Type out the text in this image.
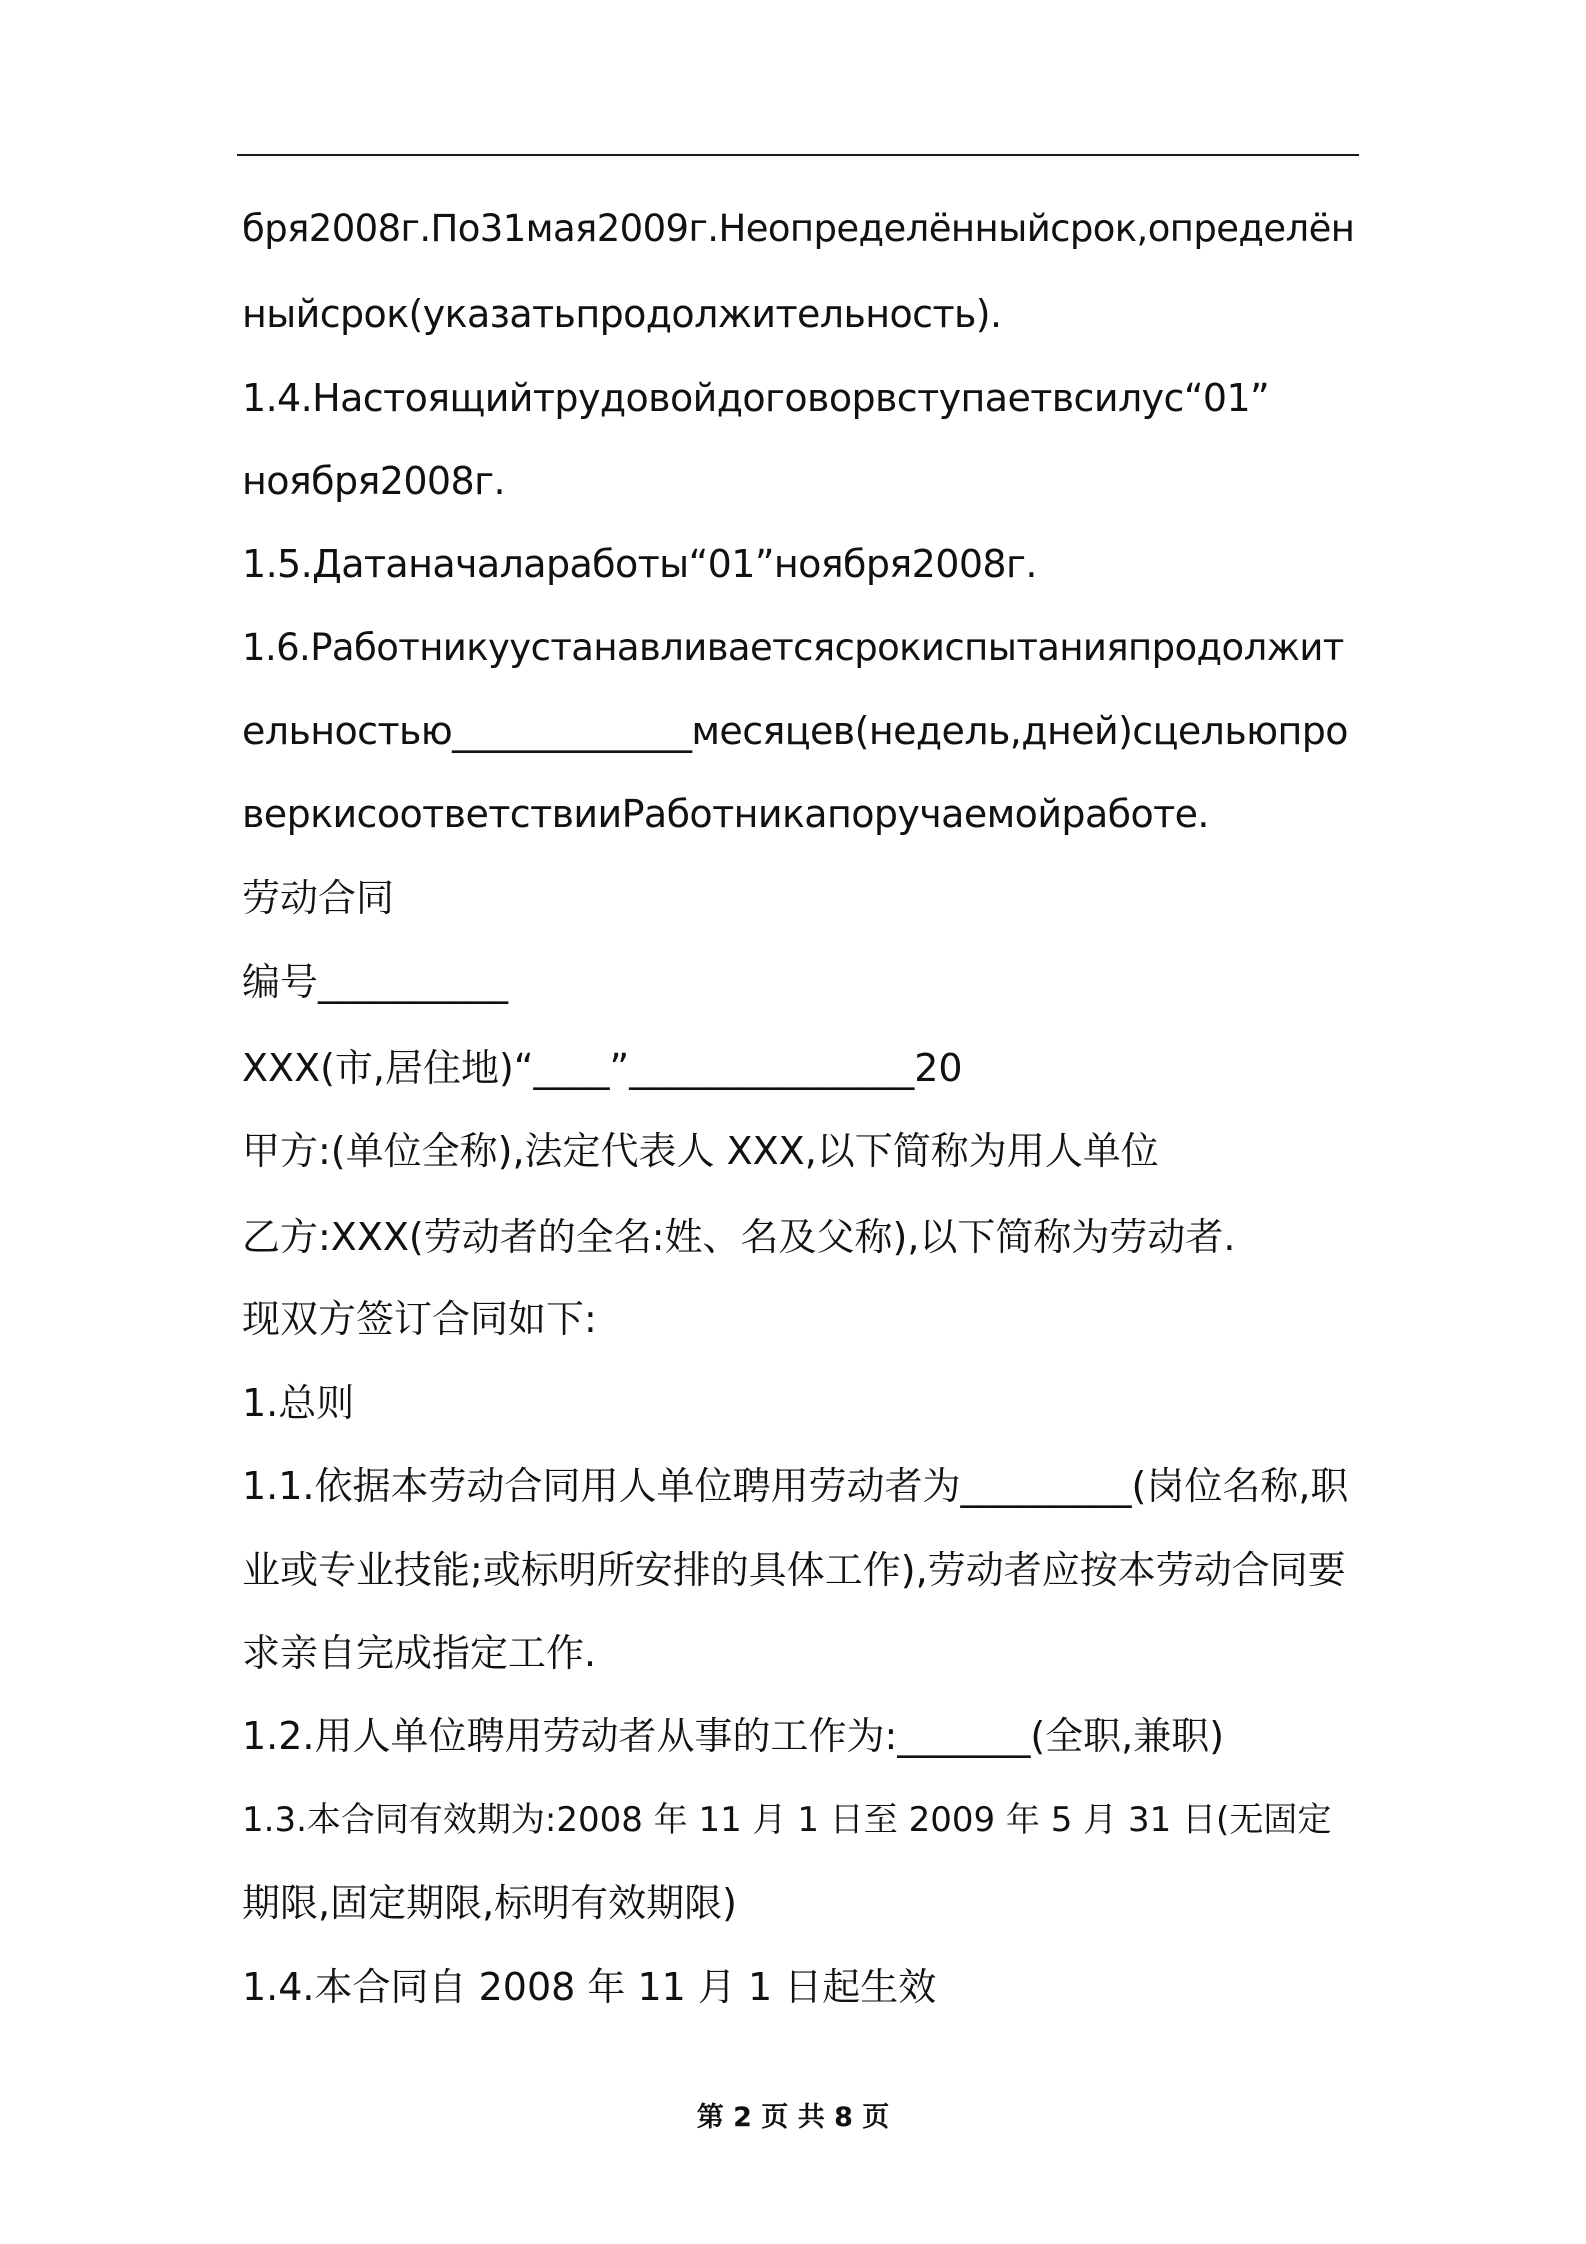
бря2008г.По31мая2009г.Неопределённыйсрок,определён
ныйсрок(указатьпродолжительность).
1.4.Настоящийтрудовойдоговорвступаетвсилус“01”
ноября2008г.
1.5.Датаначалаработы“01”ноября2008г.
1.6.Работникуустанавливаетсясрокиспытанияпродолжит
ельностью_____________месяцев(недель,дней)сцельюпро
веркисоответствииРаботникапоручаемойработе.
劳动合同
编号__________
XXX(市,居住地)“____”_______________20
甲方:(单位全称),法定代表人 XXX,以下简称为用人单位
乙方:XXX(劳动者的全名:姓、名及父称),以下简称为劳动者.
现双方签订合同如下:
1.总则
1.1.依据本劳动合同用人单位聘用劳动者为_________(岗位名称,职
业或专业技能;或标明所安排的具体工作),劳动者应按本劳动合同要
求亲自完成指定工作.
1.2.用人单位聘用劳动者从事的工作为:_______(全职,兼职)
1.3.本合同有效期为:2008 年 11 月 1 日至 2009 年 5 月 31 日(无固定
期限,固定期限,标明有效期限)
1.4.本合同自 2008 年 11 月 1 日起生效
第 2 页 共 8 页
